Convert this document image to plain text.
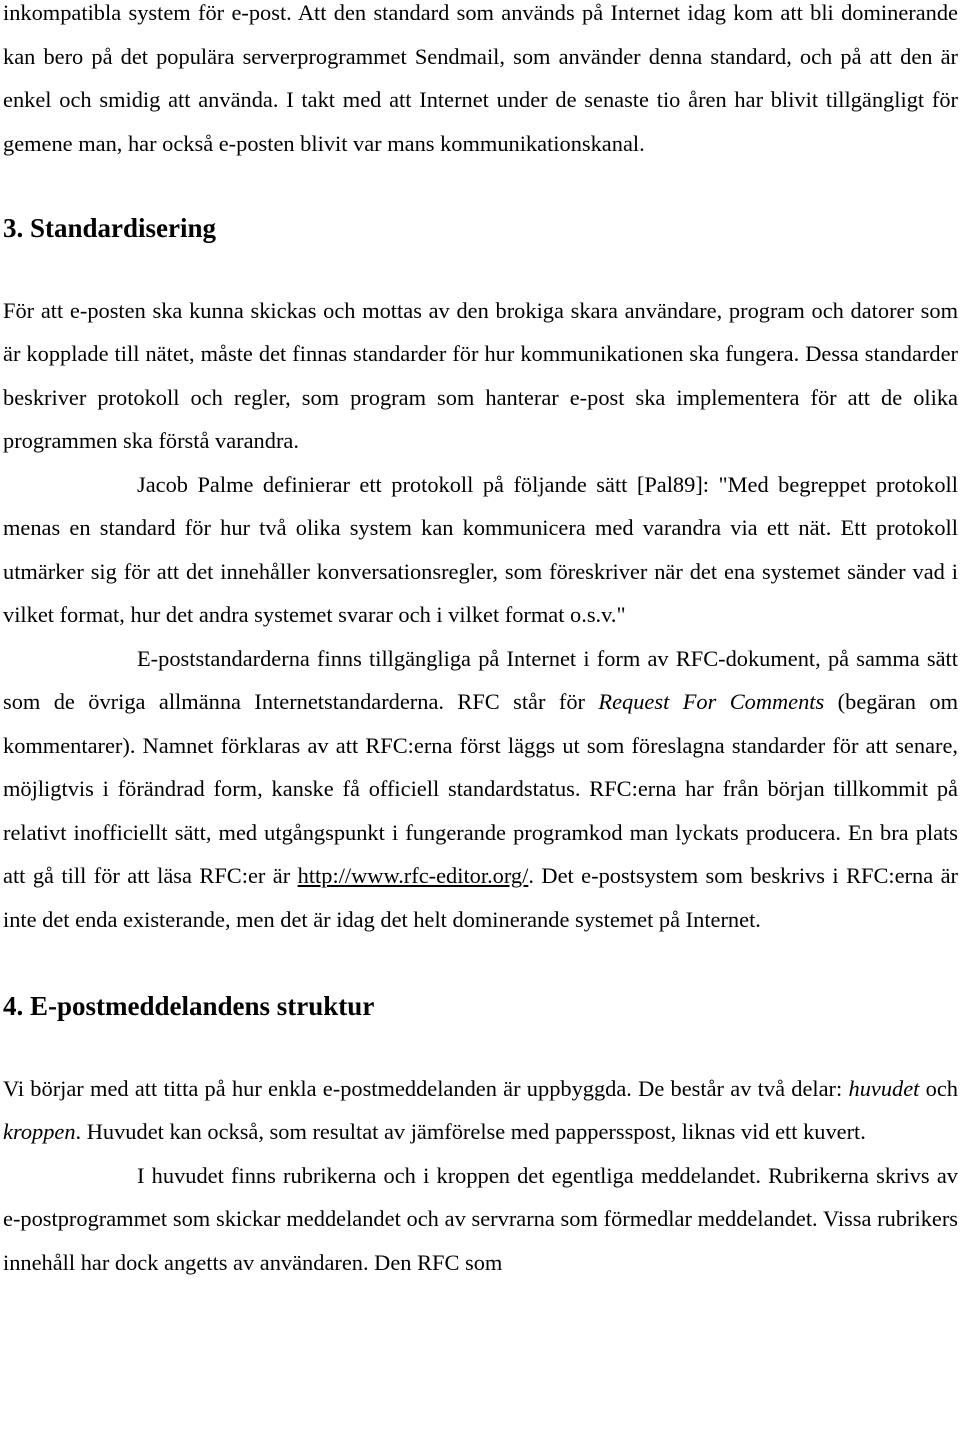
inkompatibla system för e-post. Att den standard som används på Internet idag kom att bli dominerande kan bero på det populära serverprogrammet Sendmail, som använder denna standard, och på att den är enkel och smidig att använda. I takt med att Internet under de senaste tio åren har blivit tillgängligt för gemene man, har också e-posten blivit var mans kommunikationskanal.

3. Standardisering

För att e-posten ska kunna skickas och mottas av den brokiga skara användare, program och datorer som är kopplade till nätet, måste det finnas standarder för hur kommunikationen ska fungera. Dessa standarder beskriver protokoll och regler, som program som hanterar e-post ska implementera för att de olika programmen ska förstå varandra.

Jacob Palme definierar ett protokoll på följande sätt [Pal89]: "Med begreppet protokoll menas en standard för hur två olika system kan kommunicera med varandra via ett nät. Ett protokoll utmärker sig för att det innehåller konversationsregler, som föreskriver när det ena systemet sänder vad i vilket format, hur det andra systemet svarar och i vilket format o.s.v."

E-poststandarderna finns tillgängliga på Internet i form av RFC-dokument, på samma sätt som de övriga allmänna Internetstandarderna. RFC står för Request For Comments (begäran om kommentarer). Namnet förklaras av att RFC:erna först läggs ut som föreslagna standarder för att senare, möjligtvis i förändrad form, kanske få officiell standardstatus. RFC:erna har från början tillkommit på relativt inofficiellt sätt, med utgångspunkt i fungerande programkod man lyckats producera. En bra plats att gå till för att läsa RFC:er är http://www.rfc-editor.org/. Det e-postsystem som beskrivs i RFC:erna är inte det enda existerande, men det är idag det helt dominerande systemet på Internet.

4. E-postmeddelandens struktur

Vi börjar med att titta på hur enkla e-postmeddelanden är uppbyggda. De består av två delar: huvudet och kroppen. Huvudet kan också, som resultat av jämförelse med pappersspost, liknas vid ett kuvert.

I huvudet finns rubrikerna och i kroppen det egentliga meddelandet. Rubrikerna skrivs av e-postprogrammet som skickar meddelandet och av servrarna som förmedlar meddelandet. Vissa rubrikers innehåll har dock angetts av användaren. Den RFC som
